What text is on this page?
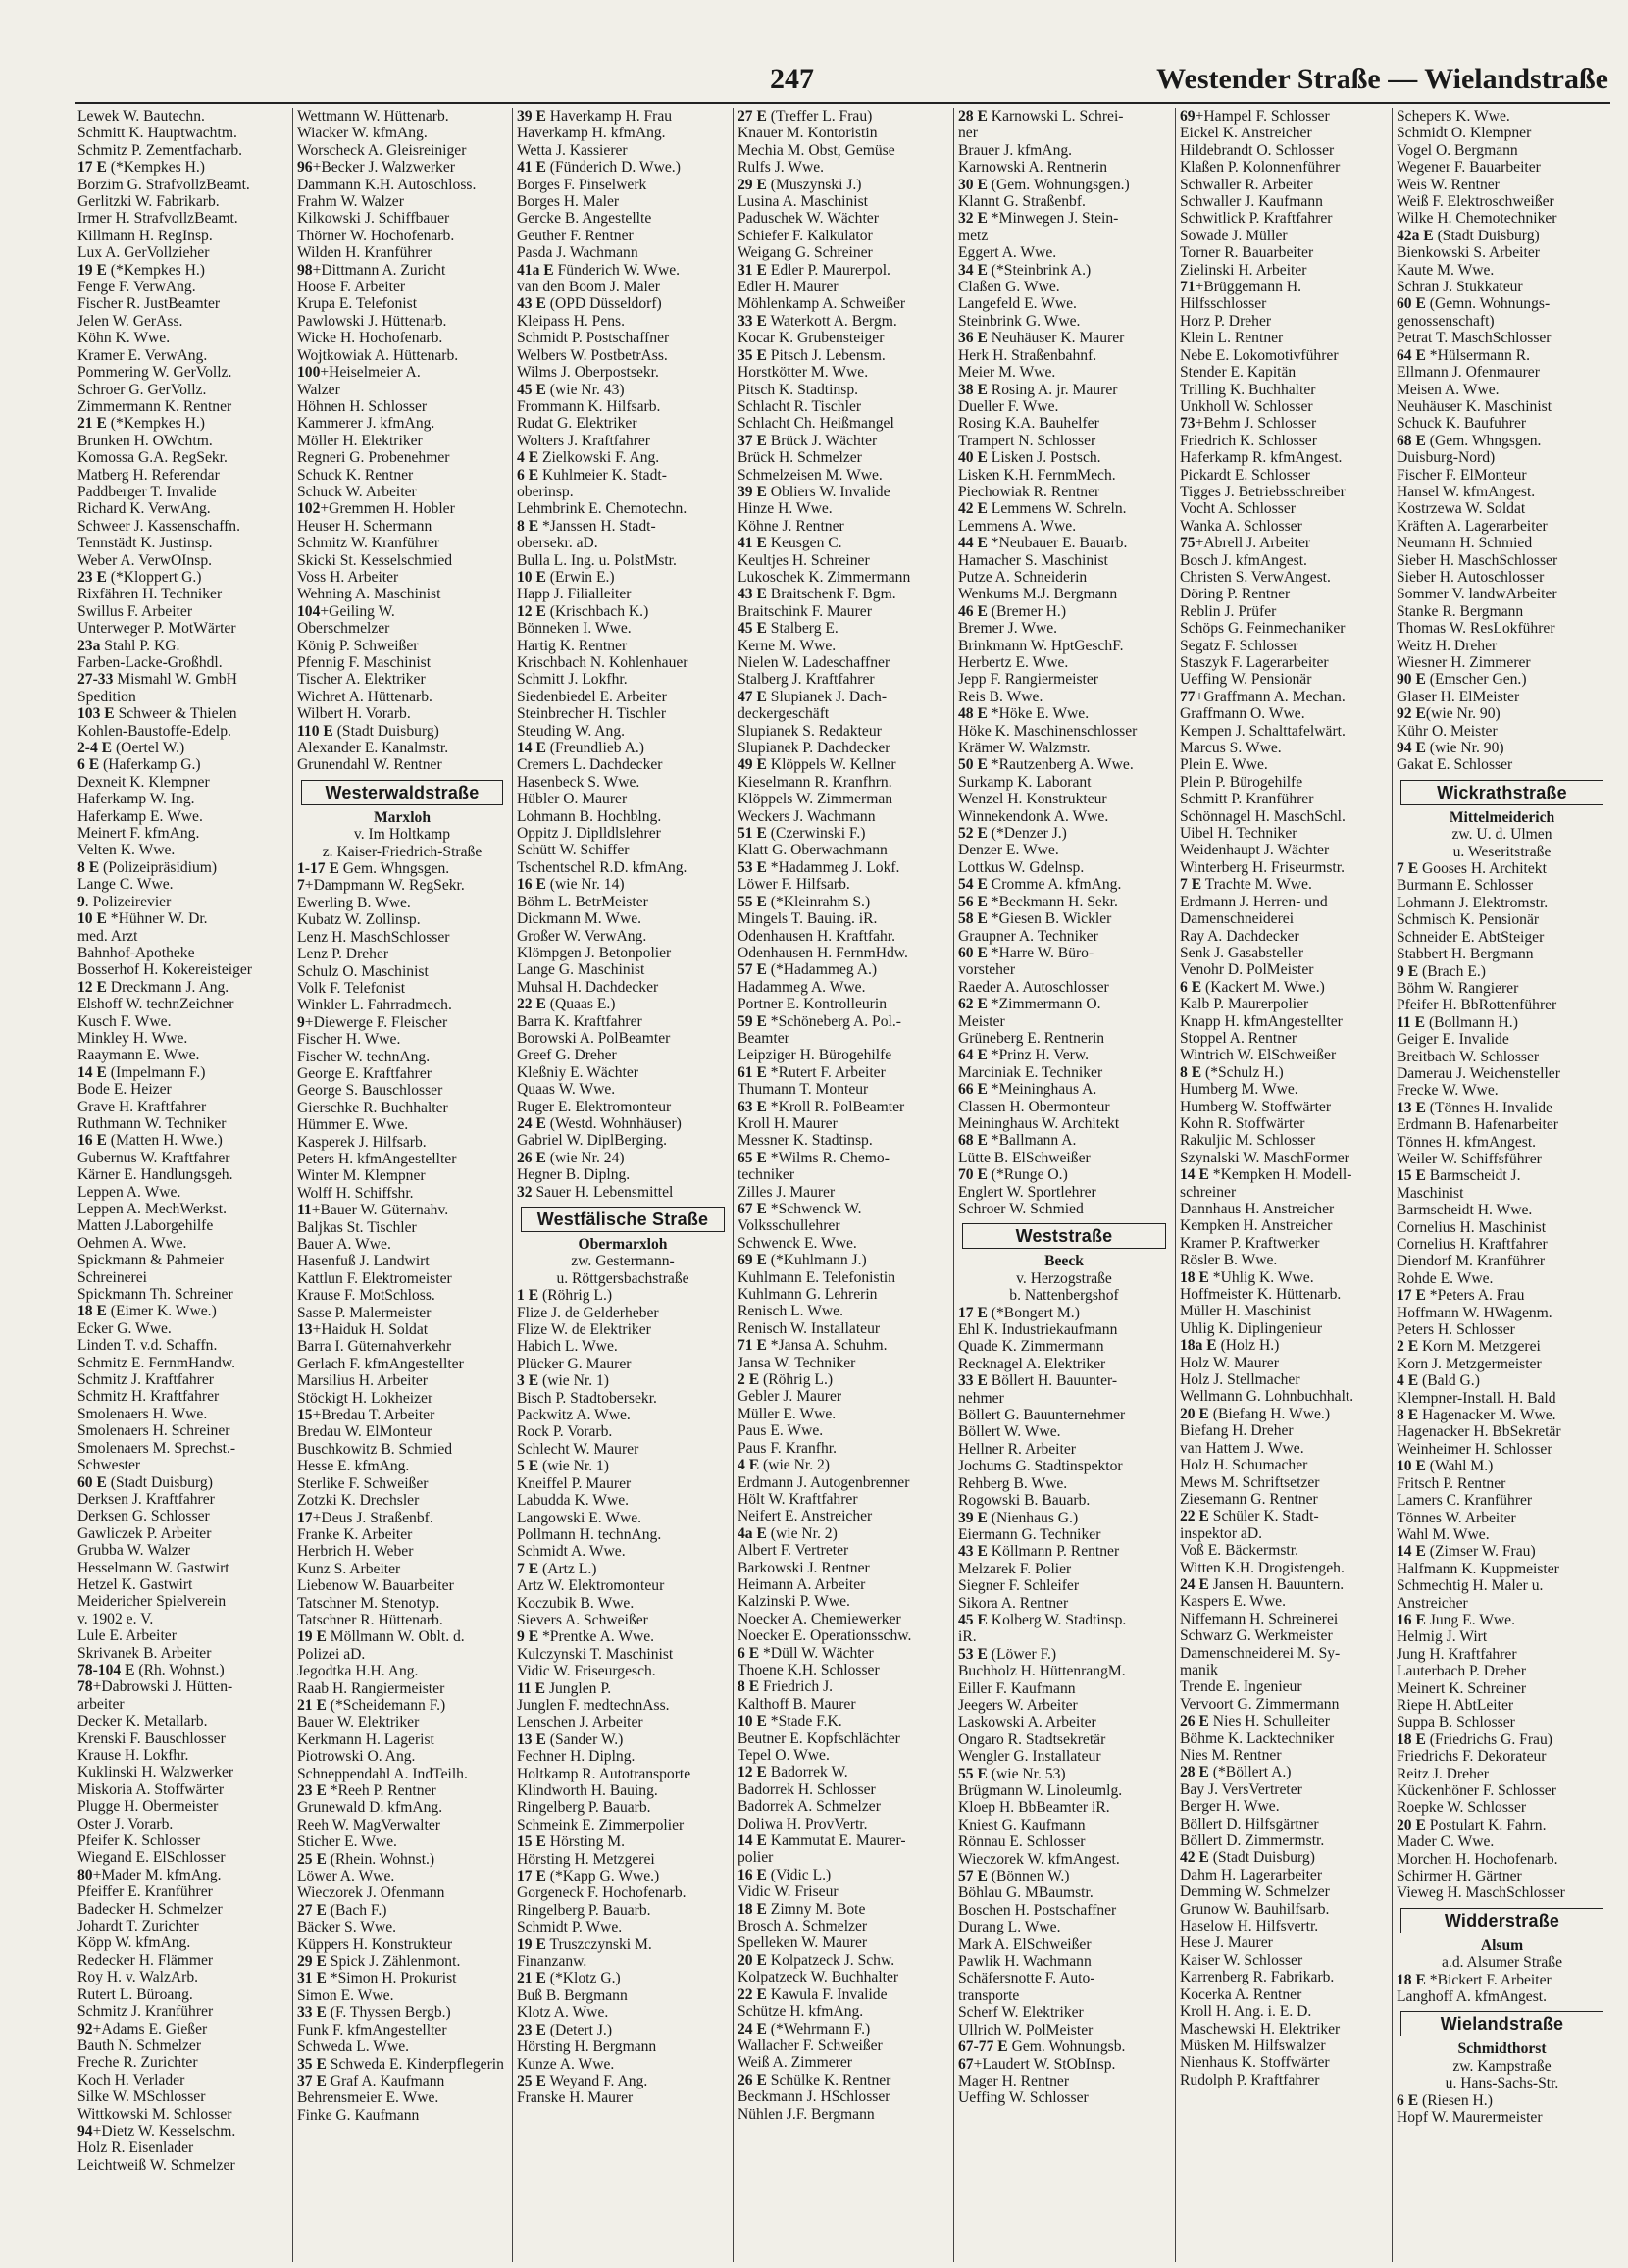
247	Westender Straße — Wielandstraße
Lewek W. Bautechn.
Schmitt K. Hauptwachtm.
Schmitz P. Zementfacharb.
17 E (*Kempkes H.)
Borzim G. StrafvollzBeamt.
Gerlitzki W. Fabrikarb.
Irmer H. StrafvollzBeamt.
Killmann H. RegInsp.
Lux A. GerVollzieher
19 E (*Kempkes H.)
Fenge F. VerwAng.
Fischer R. JustBeamter
Jelen W. GerAss.
Köhn K. Wwe.
Kramer E. VerwAng.
Pommering W. GerVollz.
Schroer G. GerVollz.
Zimmermann K. Rentner
21 E (*Kempkes H.)
Brunken H. OWchtm.
Komossa G.A. RegSekr.
Matberg H. Referendar
Paddberger T. Invalide
Richard K. VerwAng.
Schweer J. Kassenschaffn.
Tennstädt K. Justinsp.
Weber A. VerwOInsp.
23 E (*Kloppert G.)
Rixfähren H. Techniker
Swillus F. Arbeiter
Unterweger P. MotWärter
23a Stahl P. KG.
Farben-Lacke-Großhdl.
27-33 Mismahl W. GmbH
Spedition
103 E Schweer & Thielen
Kohlen-Baustoffe-Edelp.
2-4 E (Oertel W.)
6 E (Haferkamp G.)
Dexneit K. Klempner
Haferkamp W. Ing.
Haferkamp E. Wwe.
Meinert F. kfmAng.
Velten K. Wwe.
8 E (Polizeipräsidium)
Lange C. Wwe.
9. Polizeirevier
10 E *Hühner W. Dr.
med. Arzt
Bahnhof-Apotheke
Bosserhof H. Kokereisteiger
12 E Dreckmann J. Ang.
Elshoff W. technZeichner
Kusch F. Wwe.
Minkley H. Wwe.
Raaymann E. Wwe.
14 E (Impelmann F.)
Bode E. Heizer
Grave H. Kraftfahrer
Ruthmann W. Techniker
16 E (Matten H. Wwe.)
Gubernus W. Kraftfahrer
Kärner E. Handlungsgeh.
Leppen A. Wwe.
Leppen A. MechWerkst.
Matten J.Laborgehilfe
Oehmen A. Wwe.
Spickmann & Pahmeier
Schreinerei
Spickmann Th. Schreiner
18 E (Eimer K. Wwe.)
Ecker G. Wwe.
Linden T. v.d. Schaffn.
Schmitz E. FernmHandw.
Schmitz J. Kraftfahrer
Schmitz H. Kraftfahrer
Smolenaers H. Wwe.
Smolenaers H. Schreiner
Smolenaers M. Sprechst.-
Schwester
60 E (Stadt Duisburg)
Derksen J. Kraftfahrer
Derksen G. Schlosser
Gawliczek P. Arbeiter
Grubba W. Walzer
Hesselmann W. Gastwirt
Hetzel K. Gastwirt
Meidericher Spielverein
v. 1902 e. V.
Lule E. Arbeiter
Skrivanek B. Arbeiter
78-104 E (Rh. Wohnst.)
78+Dabrowski J. Hütten-
arbeiter
Decker K. Metallarb.
Krenski F. Bauschlosser
Krause H. Lokfhr.
Kuklinski H. Walzwerker
Miskoria A. Stoffwärter
Plugge H. Obermeister
Oster J. Vorarb.
Pfeifer K. Schlosser
Wiegand E. ElSchlosser
80+Mader M. kfmAng.
Pfeiffer E. Kranführer
Badecker H. Schmelzer
Johardt T. Zurichter
Köpp W. kfmAng.
Redecker H. Flämmer
Roy H. v. WalzArb.
Rutert L. Büroang.
Schmitz J. Kranführer
92+Adams E. Gießer
Bauth N. Schmelzer
Freche R. Zurichter
Koch H. Verlader
Silke W. MSchlosser
Wittkowski M. Schlosser
94+Dietz W. Kesselschm.
Holz R. Eisenlader
Leichtweiß W. Schmelzer
Wettmann W. Hüttenarb.
Wiacker W. kfmAng.
Worscheck A. Gleisreiniger
96+Becker J. Walzwerker
Dammann K.H. Autoschloss.
Frahm W. Walzer
Kilkowski J. Schiffbauer
Thörner W. Hochofenarb.
Wilden H. Kranführer
98+Dittmann A. Zuricht
Hoose F. Arbeiter
Krupa E. Telefonist
Pawlowski J. Hüttenarb.
Wicke H. Hochofenarb.
Wojtkowiak A. Hüttenarb.
100+Heiselmeier A.
Walzer
Höhnen H. Schlosser
Kammerer J. kfmAng.
Möller H. Elektriker
Regneri G. Probenehmer
Schuck K. Rentner
Schuck W. Arbeiter
102+Gremmen H. Hobler
Heuser H. Schermann
Schmitz W. Kranführer
Skicki St. Kesselschmied
Voss H. Arbeiter
Wehning A. Maschinist
104+Geiling W.
Oberschmelzer
König P. Schweißer
Pfennig F. Maschinist
Tischer A. Elektriker
Wichret A. Hüttenarb.
Wilbert H. Vorarb.
110 E (Stadt Duisburg)
Alexander E. Kanalmstr.
Grunendahl W. Rentner
Westerwaldstraße
Marxloh
v. Im Holtkamp
z. Kaiser-Friedrich-Straße
1-17 E Gem. Whngsgen.
7+Dampmann W. RegSekr.
Ewerling B. Wwe.
Kubatz W. Zollinsp.
Lenz H. MaschSchlosser
Lenz P. Dreher
Schulz O. Maschinist
Volk F. Telefonist
Winkler L. Fahrradmech.
9+Diewerge F. Fleischer
Fischer H. Wwe.
Fischer W. technAng.
George E. Kraftfahrer
George S. Bauschlosser
Gierschke R. Buchhalter
Hümmer E. Wwe.
Kasperek J. Hilfsarb.
Peters H. kfmAngestellter
Winter M. Klempner
Wolff H. Schiffshr.
11+Bauer W. Güternahv.
Baljkas St. Tischler
Bauer A. Wwe.
Hasenfuß J. Landwirt
Kattlun F. Elektromeister
Krause F. MotSchloss.
Sasse P. Malermeister
13+Haiduk H. Soldat
Barra I. Güternahverkehr
Gerlach F. kfmAngestellter
Marsilius H. Arbeiter
Stöckigt H. Lokheizer
15+Bredau T. Arbeiter
Bredau W. ElMonteur
Buschkowitz B. Schmied
Hesse E. kfmAng.
Sterlike F. Schweißer
Zotzki K. Drechsler
17+Deus J. Straßenbf.
Franke K. Arbeiter
Herbrich H. Weber
Kunz S. Arbeiter
Liebenow W. Bauarbeiter
Tatschner M. Stenotyp.
Tatschner R. Hüttenarb.
19 E Möllmann W. Oblt. d.
Polizei aD.
Jegodtka H.H. Ang.
Raab H. Rangiermeister
21 E (*Scheidemann F.)
Bauer W. Elektriker
Kerkmann H. Lagerist
Piotrowski O. Ang.
Schneppendahl A. IndTeilh.
23 E *Reeh P. Rentner
Grunewald D. kfmAng.
Reeh W. MagVerwalter
Sticher E. Wwe.
25 E (Rhein. Wohnst.)
Löwer A. Wwe.
Wieczorek J. Ofenmann
27 E (Bach F.)
Bäcker S. Wwe.
Küppers H. Konstrukteur
29 E Spick J. Zählenmont.
31 E *Simon H. Prokurist
Simon E. Wwe.
33 E (F. Thyssen Bergb.)
Funk F. kfmAngestellter
Schweda L. Wwe.
35 E Schwedа E. Kinderpflegerin
37 E Graf A. Kaufmann
Behrensmeier E. Wwe.
Finke G. Kaufmann
39 E Haverkamp H. Frau
Haverkamp H. kfmAng.
Wetta J. Kassierer
41 E (Fünderich D. Wwe.)
Borges F. Pinselwerk
Borges H. Maler
Gercke B. Angestellte
Geuther F. Rentner
Pasda J. Wachmann
41a E Fünderich W. Wwe.
van den Boom J. Maler
43 E (OPD Düsseldorf)
Kleipass H. Pens.
Schmidt P. Postschaffner
Welbers W. PostbetrAss.
Wilms J. Oberpostsekr.
45 E (wie Nr. 43)
Frommann K. Hilfsarb.
Rudat G. Elektriker
Wolters J. Kraftfahrer
4 E Zielkowski F. Ang.
6 E Kuhlmeier K. Stadt-
oberinsp.
Lehmbrink E. Chemotechn.
8 E *Janssen H. Stadt-
obersekr. aD.
Bulla L. Ing. u. PolstMstr.
10 E (Erwin E.)
Happ J. Filialleiter
12 E (Krischbach K.)
Bönneken I. Wwe.
Hartig K. Rentner
Krischbach N. Kohlenhauer
Schmitt J. Lokfhr.
Siedenbiedel E. Arbeiter
Steinbrecher H. Tischler
Steuding W. Ang.
14 E (Freundlieb A.)
Cremers L. Dachdecker
Hasenbeck S. Wwe.
Hübler O. Maurer
Lohmann B. Hochblng.
Oppitz J. Diplldlslehrer
Schütt W. Schiffer
Tschentschel R.D. kfmAng.
16 E (wie Nr. 14)
Böhm L. BetrMeister
Dickmann M. Wwe.
Großer W. VerwAng.
Klömpgen J. Betonpolier
Lange G. Maschinist
Muhsal H. Dachdecker
22 E (Quaas E.)
Barra K. Kraftfahrer
Borowski A. PolBeamter
Greef G. Dreher
Kleßniy E. Wächter
Quaas W. Wwe.
Ruger E. Elektromonteur
24 E (Westd. Wohnhäuser)
Gabriel W. DiplBerging.
26 E (wie Nr. 24)
Hegner B. Diplng.
32 Sauer H. Lebensmittel
Westfälische Straße
Obermarxloh
zw. Gestermann-
u. Röttgersbachstraße
1 E (Röhrig L.)
Flize J. de Gelderheber
Flize W. de Elektriker
Habich L. Wwe.
Plücker G. Maurer
3 E (wie Nr. 1)
Bisch P. Stadtobersekr.
Packwitz A. Wwe.
Rock P. Vorarb.
Schlecht W. Maurer
5 E (wie Nr. 1)
Kneiffel P. Maurer
Labudda K. Wwe.
Langowski E. Wwe.
Pollmann H. technAng.
Schmidt A. Wwe.
7 E (Artz L.)
Artz W. Elektromonteur
Koczubik B. Wwe.
Sievers A. Schweißer
9 E *Prentke A. Wwe.
Kulczynski T. Maschinist
Vidic W. Friseurgesch.
11 E Junglen P.
Junglen F. medtechnAss.
Lenschen J. Arbeiter
13 E (Sander W.)
Fechner H. Diplng.
Holtkamp R. Autotransporte
Klindworth H. Bauing.
Ringelberg P. Bauarb.
Schmeink E. Zimmerpolier
15 E Hörsting M.
Hörsting H. Metzgerei
17 E (*Kapp G. Wwe.)
Gorgeneck F. Hochofenarb.
Ringelberg P. Bauarb.
Schmidt P. Wwe.
19 E Truszczynski M.
Finanzanw.
21 E (*Klotz G.)
Buß B. Bergmann
Klotz A. Wwe.
23 E (Detert J.)
Hörsting H. Bergmann
Kunze A. Wwe.
25 E Weyand F. Ang.
Franske H. Maurer
27 E (Treffer L. Frau)
Knauer M. Kontoristin
Mechia M. Obst, Gemüse
Rulfs J. Wwe.
29 E (Muszynski J.)
Lusina A. Maschinist
Paduschek W. Wächter
Schiefer F. Kalkulator
Weigang G. Schreiner
31 E Edler P. Maurerpol.
Edler H. Maurer
Möhlenkamp A. Schweißer
33 E Waterkott A. Bergm.
Kocar K. Grubensteiger
35 E Pitsch J. Lebensm.
Horstkötter M. Wwe.
Pitsch K. Stadtinsp.
Schlacht R. Tischler
Schlacht Ch. Heißmangel
37 E Brück J. Wächter
Brück H. Schmelzer
Schmelzeisen M. Wwe.
39 E Obliers W. Invalide
Hinze H. Wwe.
Köhne J. Rentner
41 E Keusgen C.
Keultjes H. Schreiner
Lukoschek K. Zimmermann
43 E Braitschenk F. Bgm.
Braitschink F. Maurer
45 E Stalberg E.
Kerne M. Wwe.
Nielen W. Ladeschaffner
Stalberg J. Kraftfahrer
47 E Slupianek J. Dach-
deckergeschäft
Slupianek S. Redakteur
Slupianek P. Dachdecker
49 E Klöppels W. Kellner
Kieselmann R. Kranfhrn.
Klöppels W. Zimmerman
Weckers J. Wachmann
51 E (Czerwinski F.)
Klatt G. Oberwachmann
53 E *Hadammeg J. Lokf.
Löwer F. Hilfsarb.
55 E (*Kleinrahm S.)
Mingels T. Bauing. iR.
Odenhausen H. Kraftfahr.
Odenhausen H. FernmHdw.
57 E (*Hadammeg A.)
Hadammeg A. Wwe.
Portner E. Kontrolleurin
59 E *Schöneberg A. Pol.-
Beamter
Leipziger H. Bürogehilfe
61 E *Rutert F. Arbeiter
Thumann T. Monteur
63 E *Kroll R. PolBeamter
Kroll H. Maurer
Messner K. Stadtinsp.
65 E *Wilms R. Chemo-
techniker
Zilles J. Maurer
67 E *Schwenck W.
Volksschullehrer
Schwenck E. Wwe.
69 E (*Kuhlmann J.)
Kuhlmann E. Telefonistin
Kuhlmann G. Lehrerin
Renisch L. Wwe.
Renisch W. Installateur
71 E *Jansa A. Schuhm.
Jansa W. Techniker
2 E (Röhrig L.)
Gebler J. Maurer
Müller E. Wwe.
Paus E. Wwe.
Paus F. Kranfhr.
4 E (wie Nr. 2)
Erdmann J. Autogenbrenner
Hölt W. Kraftfahrer
Neifert E. Anstreicher
4a E (wie Nr. 2)
Albert F. Vertreter
Barkowski J. Rentner
Heimann A. Arbeiter
Kalzinski P. Wwe.
Noecker A. Chemiewerker
Noecker E. Operationsschw.
6 E *Düll W. Wächter
Thoene K.H. Schlosser
8 E Friedrich J.
Kalthoff B. Maurer
10 E *Stade F.K.
Beutner E. Kopfschlächter
Tepel O. Wwe.
12 E Badorrek W.
Badorrek H. Schlosser
Badorrek A. Schmelzer
Doliwa H. ProvVertr.
14 E Kammutat E. Maurer-
polier
16 E (Vidic L.)
Vidic W. Friseur
18 E Zimny M. Bote
Brosch A. Schmelzer
Spelleken W. Maurer
20 E Kolpatzeck J. Schw.
Kolpatzeck W. Buchhalter
22 E Kawula F. Invalide
Schütze H. kfmAng.
24 E (*Wehrmann F.)
Wallacher F. Schweißer
Weiß A. Zimmerer
26 E Schülke K. Rentner
Beckmann J. HSchlosser
Nühlen J.F. Bergmann
28 E Karnowski L. Schrei-
ner
Brauer J. kfmAng.
Karnowski A. Rentnerin
30 E (Gem. Wohnungsgen.)
Klannt G. Straßenbf.
32 E *Minwegen J. Stein-
metz
Eggert A. Wwe.
34 E (*Steinbrink A.)
Claßen G. Wwe.
Langefeld E. Wwe.
Steinbrink G. Wwe.
36 E Neuhäuser K. Maurer
Herk H. Straßenbahnf.
Meier M. Wwe.
38 E Rosing A. jr. Maurer
Dueller F. Wwe.
Rosing K.A. Bauhelfer
Trampert N. Schlosser
40 E Lisken J. Postsch.
Lisken K.H. FernmMech.
Piechowiak R. Rentner
42 E Lemmens W. Schreln.
Lemmens A. Wwe.
44 E *Neubauer E. Bauarb.
Hamacher S. Maschinist
Putze A. Schneiderin
Wenkums M.J. Bergmann
46 E (Bremer H.)
Bremer J. Wwe.
Brinkmann W. HptGeschF.
Herbertz E. Wwe.
Jepp F. Rangiermeister
Reis B. Wwe.
48 E *Höke E. Wwe.
Höke K. Maschinenschlosser
Krämer W. Walzmstr.
50 E *Rautzenberg A. Wwe.
Surkamp K. Laborant
Wenzel H. Konstrukteur
Winnekendonk A. Wwe.
52 E (*Denzer J.)
Denzer E. Wwe.
Lottkus W. Gdelnsp.
54 E Cromme A. kfmAng.
56 E *Beckmann H. Sekr.
58 E *Giesen B. Wickler
Graupner A. Techniker
60 E *Harre W. Büro-
vorsteher
Raeder A. Autoschlosser
62 E *Zimmermann O.
Meister
Grüneberg E. Rentnerin
64 E *Prinz H. Verw.
Marciniak E. Techniker
66 E *Meininghaus A.
Classen H. Obermonteur
Meininghaus W. Architekt
68 E *Ballmann A.
Lütte B. ElSchweißer
70 E (*Runge O.)
Englert W. Sportlehrer
Schroer W. Schmied
Weststraße
Beeck
v. Herzogstraße
b. Nattenbergshof
17 E (*Bongert M.)
Ehl K. Industriekaufmann
Quade K. Zimmermann
Recknagel A. Elektriker
33 E Böllert H. Bauunter-
nehmer
Böllert G. Bauunternehmer
Böllert W. Wwe.
Hellner R. Arbeiter
Jochums G. Stadtinspektor
Rehberg B. Wwe.
Rogowski B. Bauarb.
39 E (Nienhaus G.)
Eiermann G. Techniker
43 E Köllmann P. Rentner
Melzarek F. Polier
Siegner F. Schleifer
Sikora A. Rentner
45 E Kolberg W. Stadtinsp.
iR.
53 E (Löwer F.)
Buchholz H. HüttenrangM.
Eiller F. Kaufmann
Jeegers W. Arbeiter
Laskowski A. Arbeiter
Ongaro R. Stadtsekretär
Wengler G. Installateur
55 E (wie Nr. 53)
Brügmann W. Linoleumlg.
Kloep H. BbBeamter iR.
Kniest G. Kaufmann
Rönnau E. Schlosser
Wieczorek W. kfmAngest.
57 E (Bönnen W.)
Böhlau G. MBaumstr.
Boschen H. Postschaffner
Durang L. Wwe.
Mark A. ElSchweißer
Pawlik H. Wachmann
Schäfersnotte F. Auto-
transporte
Scherf W. Elektriker
Ullrich W. PolMeister
67-77 E Gem. Wohnungsb.
67+Laudert W. StObInsp.
Mager H. Rentner
Ueffing W. Schlosser
69+Hampel F. Schlosser
Eickel K. Anstreicher
Hildebrandt O. Schlosser
Klaßen P. Kolonnenführer
Schwaller R. Arbeiter
Schwaller J. Kaufmann
Schwitlick P. Kraftfahrer
Sowade J. Müller
Torner R. Bauarbeiter
Zielinski H. Arbeiter
71+Brüggemann H.
Hilfsschlosser
Horz P. Dreher
Klein L. Rentner
Nebe E. Lokomotivführer
Stender E. Kapitän
Trilling K. Buchhalter
Unkholl W. Schlosser
73+Behm J. Schlosser
Friedrich K. Schlosser
Haferkamp R. kfmAngest.
Pickardt E. Schlosser
Tigges J. Betriebsschreiber
Vocht A. Schlosser
Wanka A. Schlosser
75+Abrell J. Arbeiter
Bosch J. kfmAngest.
Christen S. VerwAngest.
Döring P. Rentner
Reblin J. Prüfer
Schöps G. Feinmechaniker
Segatz F. Schlosser
Staszyk F. Lagerarbeiter
Ueffing W. Pensionär
77+Graffmann A. Mechan.
Graffmann O. Wwe.
Kempen J. Schalttafelwärt.
Marcus S. Wwe.
Plein E. Wwe.
Plein P. Bürogehilfe
Schmitt P. Kranführer
Schönnagel H. MaschSchl.
Uibel H. Techniker
Weidenhaupt J. Wächter
Winterberg H. Friseurmstr.
7 E Trachte M. Wwe.
Erdmann J. Herren- und
Damenschneiderei
Ray A. Dachdecker
Senk J. Gasabsteller
Venohr D. PolMeister
6 E (Kackert M. Wwe.)
Kalb P. Maurerpolier
Knapp H. kfmAngestellter
Stoppel A. Rentner
Wintrich W. ElSchweißer
8 E (*Schulz H.)
Humberg M. Wwe.
Humberg W. Stoffwärter
Kohn R. Stoffwärter
Rakuljic M. Schlosser
Szynalski W. MaschFormer
14 E *Kempken H. Modell-
schreiner
Dannhaus H. Anstreicher
Kempken H. Anstreicher
Kramer P. Kraftwerker
Rösler B. Wwe.
18 E *Uhlig K. Wwe.
Hoffmeister K. Hüttenarb.
Müller H. Maschinist
Uhlig K. Diplingenieur
18a E (Holz H.)
Holz W. Maurer
Holz J. Stellmacher
Wellmann G. Lohnbuchhalt.
20 E (Biefang H. Wwe.)
Biefang H. Dreher
van Hattem J. Wwe.
Holz H. Schumacher
Mews M. Schriftsetzer
Ziesemann G. Rentner
22 E Schüler K. Stadt-
inspektor aD.
Voß E. Bäckermstr.
Witten K.H. Drogistengeh.
24 E Jansen H. Bauuntern.
Kaspers E. Wwe.
Niffemann H. Schreinerei
Schwarz G. Werkmeister
Damenschneiderei M. Sy-
manik
Trende E. Ingenieur
Vervoort G. Zimmermann
26 E Nies H. Schulleiter
Böhme K. Lacktechniker
Nies M. Rentner
28 E (*Böllert A.)
Bay J. VersVertreter
Berger H. Wwe.
Böllert D. Hilfsgärtner
Böllert D. Zimmermstr.
42 E (Stadt Duisburg)
Dahm H. Lagerarbeiter
Demming W. Schmelzer
Grunow W. Bauhilfsarb.
Haselow H. Hilfsvertr.
Hese J. Maurer
Kaiser W. Schlosser
Karrenberg R. Fabrikarb.
Kocerka A. Rentner
Kroll H. Ang. i. E. D.
Maschewski H. Elektriker
Müsken M. Hilfswalzer
Nienhaus K. Stoffwärter
Rudolph P. Kraftfahrer
Schepers K. Wwe.
Schmidt O. Klempner
Vogel O. Bergmann
Wegener F. Bauarbeiter
Weis W. Rentner
Weiß F. Elektroschweißer
Wilke H. Chemotechniker
42a E (Stadt Duisburg)
Bienkowski S. Arbeiter
Kaute M. Wwe.
Schran J. Stukkateur
60 E (Gemn. Wohnungs-
genossenschaft)
Petrat T. MaschSchlosser
64 E *Hülsermann R.
Ellmann J. Ofenmaurer
Meisen A. Wwe.
Neuhäuser K. Maschinist
Schuck K. Baufuhrer
68 E (Gem. Whngsgen.
Duisburg-Nord)
Fischer F. ElMonteur
Hansel W. kfmAngest.
Kostrzewa W. Soldat
Kräften A. Lagerarbeiter
Neumann H. Schmied
Sieber H. MaschSchlosser
Sieber H. Autoschlosser
Sommer V. landwArbeiter
Stanke R. Bergmann
Thomas W. ResLokführer
Weitz H. Dreher
Wiesner H. Zimmerer
90 E (Emscher Gen.)
Glaser H. ElMeister
92 E(wie Nr. 90)
Kühr O. Meister
94 E (wie Nr. 90)
Gakat E. Schlosser
Wickrathstraße
Mittelmeiderich
zw. U. d. Ulmen
u. Weseritstraße
7 E Gooses H. Architekt
Burmann E. Schlosser
Lohmann J. Elektromstr.
Schmisch K. Pensionär
Schneider E. AbtSteiger
Stabbert H. Bergmann
9 E (Brach E.)
Böhm W. Rangierer
Pfeifer H. BbRottenführer
11 E (Bollmann H.)
Geiger E. Invalide
Breitbach W. Schlosser
Damerau J. Weichensteller
Frecke W. Wwe.
13 E (Tönnes H. Invalide
Erdmann B. Hafenarbeiter
Tönnes H. kfmAngest.
Weiler W. Schiffsführer
15 E Barmscheidt J.
Maschinist
Barmscheidt H. Wwe.
Cornelius H. Maschinist
Cornelius H. Kraftfahrer
Diendorf M. Kranführer
Rohde E. Wwe.
17 E *Peters A. Frau
Hoffmann W. HWagenm.
Peters H. Schlosser
2 E Korn M. Metzgerei
Korn J. Metzgermeister
4 E (Bald G.)
Klempner-Install. H. Bald
8 E Hagenacker M. Wwe.
Hagenacker H. BbSekretär
Weinheimer H. Schlosser
10 E (Wahl M.)
Fritsch P. Rentner
Lamers C. Kranführer
Tönnes W. Arbeiter
Wahl M. Wwe.
14 E (Zimser W. Frau)
Halfmann K. Kuppmeister
Schmechtig H. Maler u.
Anstreicher
16 E Jung E. Wwe.
Helmig J. Wirt
Jung H. Kraftfahrer
Lauterbach P. Dreher
Meinert K. Schreiner
Riepe H. AbtLeiter
Suppa B. Schlosser
18 E (Friedrichs G. Frau)
Friedrichs F. Dekorateur
Reitz J. Dreher
Kückenhöner F. Schlosser
Roepke W. Schlosser
20 E Postulart K. Fahrn.
Mader C. Wwe.
Morchen H. Hochofenarb.
Schirmer H. Gärtner
Vieweg H. MaschSchlosser
Widderstraße
Alsum
a.d. Alsumer Straße
18 E *Bickert F. Arbeiter
Langhoff A. kfmAngest.
Wielandstraße
Schmidthorst
zw. Kampstraße
u. Hans-Sachs-Str.
6 E (Riesen H.)
Hopf W. Maurermeister
